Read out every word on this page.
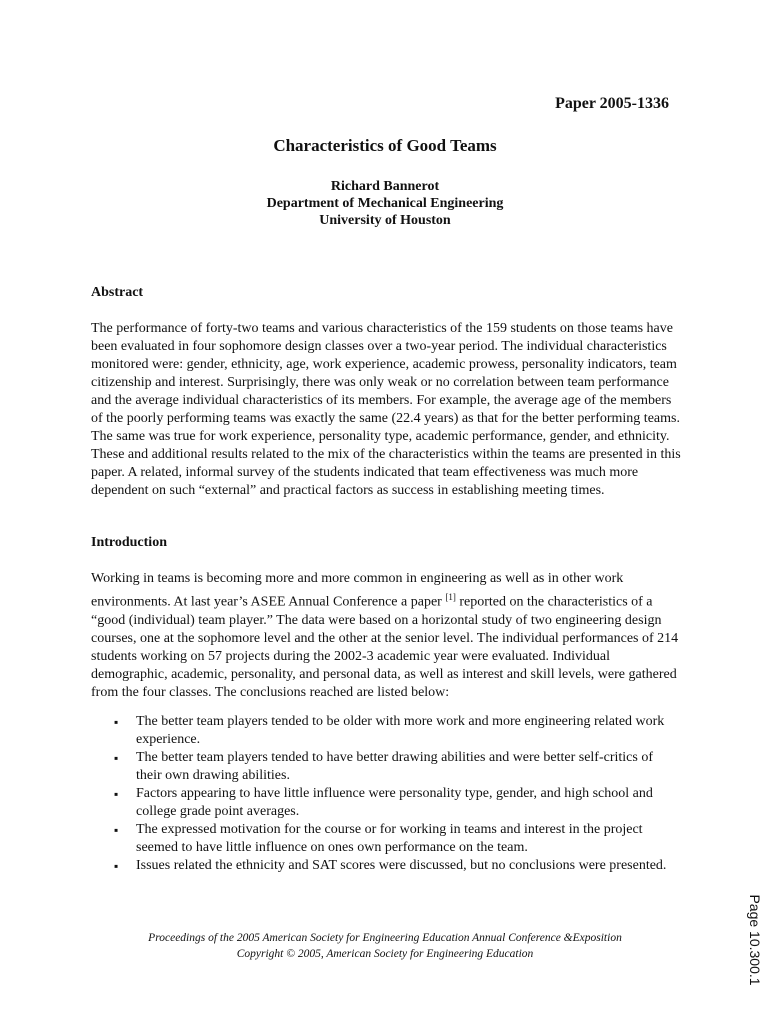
Paper 2005-1336
Characteristics of Good Teams
Richard Bannerot
Department of Mechanical Engineering
University of Houston
Abstract
The performance of forty-two teams and various characteristics of the 159 students on those teams have been evaluated in four sophomore design classes over a two-year period. The individual characteristics monitored were: gender, ethnicity, age, work experience, academic prowess, personality indicators, team citizenship and interest. Surprisingly, there was only weak or no correlation between team performance and the average individual characteristics of its members. For example, the average age of the members of the poorly performing teams was exactly the same (22.4 years) as that for the better performing teams. The same was true for work experience, personality type, academic performance, gender, and ethnicity. These and additional results related to the mix of the characteristics within the teams are presented in this paper. A related, informal survey of the students indicated that team effectiveness was much more dependent on such “external” and practical factors as success in establishing meeting times.
Introduction
Working in teams is becoming more and more common in engineering as well as in other work environments. At last year’s ASEE Annual Conference a paper [1] reported on the characteristics of a “good (individual) team player.” The data were based on a horizontal study of two engineering design courses, one at the sophomore level and the other at the senior level. The individual performances of 214 students working on 57 projects during the 2002-3 academic year were evaluated. Individual demographic, academic, personality, and personal data, as well as interest and skill levels, were gathered from the four classes. The conclusions reached are listed below:
▪ The better team players tended to be older with more work and more engineering related work experience.
▪ The better team players tended to have better drawing abilities and were better self-critics of their own drawing abilities.
▪ Factors appearing to have little influence were personality type, gender, and high school and college grade point averages.
▪ The expressed motivation for the course or for working in teams and interest in the project seemed to have little influence on ones own performance on the team.
▪ Issues related the ethnicity and SAT scores were discussed, but no conclusions were presented.
Proceedings of the 2005 American Society for Engineering Education Annual Conference &Exposition
Copyright © 2005, American Society for Engineering Education	Page 10.300.1
